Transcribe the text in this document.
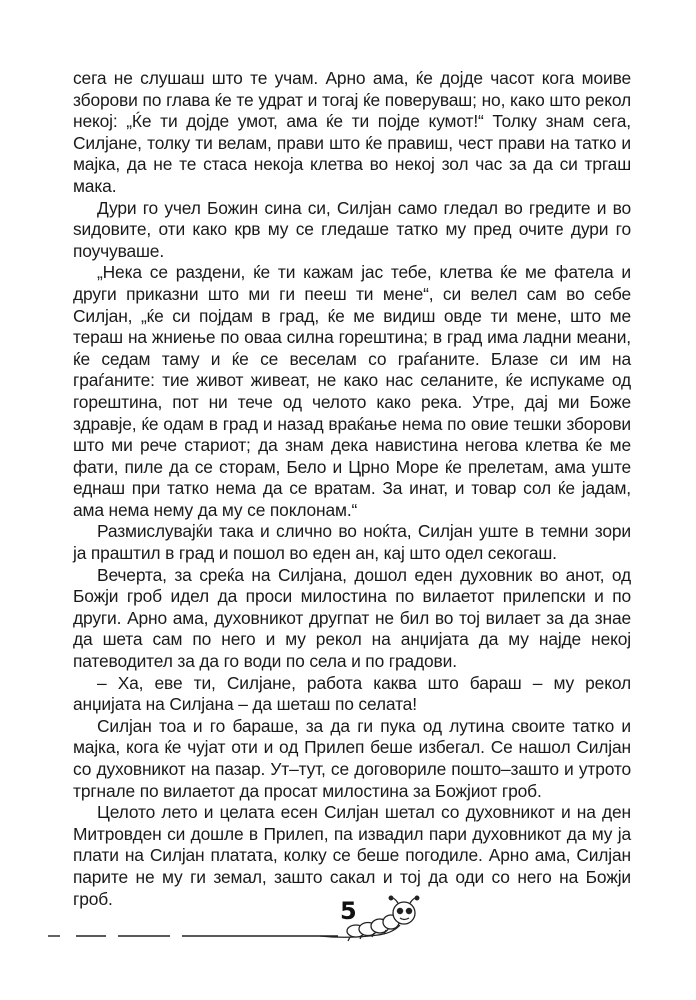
сега не слушаш што те учам. Арно ама, ќе дојде часот кога моиве зборови по глава ќе те удрат и тогај ќе поверуваш; но, како што рекол некој: „Ќе ти дојде умот, ама ќе ти појде кумот!“ Толку знам сега, Силјане, толку ти велам, прави што ќе правиш, чест прави на татко и мајка, да не те стаса некоја клетва во некој зол час за да си тргаш мака.

Дури го учел Божин сина си, Силјан само гледал во гредите и во ѕидовите, оти како крв му се гледаше татко му пред очите дури го поучуваше.

„Нека се раздени, ќе ти кажам јас тебе, клетва ќе ме фатела и други приказни што ми ги пееш ти мене“, си велел сам во себе Силјан, „ќе си појдам в град, ќе ме видиш овде ти мене, што ме тераш на жниење по оваа силна горештина; в град има ладни меани, ќе седам таму и ќе се веселам со граѓаните. Блазе си им на граѓаните: тие живот живеат, не како нас селаните, ќе испукаме од горештина, пот ни тече од челото како река. Утре, дај ми Боже здравје, ќе одам в град и назад враќање нема по овие тешки зборови што ми рече стариот; да знам дека навистина негова клетва ќе ме фати, пиле да се сторам, Бело и Црно Море ќе прелетам, ама уште еднаш при татко нема да се вратам. За инат, и товар сол ќе јадам, ама нема нему да му се поклонам.“

Размислувајќи така и слично во ноќта, Силјан уште в темни зори ја праштил в град и пошол во еден ан, кај што одел секогаш.

Вечерта, за среќа на Силјана, дошол еден духовник во анот, од Божји гроб идел да проси милостина по вилаетот прилепски и по други. Арно ама, духовникот другпат не бил во тој вилает за да знае да шета сам по него и му рекол на анџијата да му најде некој патеводител за да го води по села и по градови.

– Ха, еве ти, Силјане, работа каква што бараш – му рекол анџијата на Силјана – да шеташ по селата!

Силјан тоа и го бараше, за да ги пука од лутина своите татко и мајка, кога ќе чујат оти и од Прилеп беше избегал. Се нашол Силјан со духовникот на пазар. Ут–тут, се договориле пошто–зашто и утрото тргнале по вилаетот да просат милостина за Божјиот гроб.

Целото лето и целата есен Силјан шетал со духовникот и на ден Митровден си дошле в Прилеп, па извадил пари духовникот да му ја плати на Силјан платата, колку се беше погодиле. Арно ама, Силјан парите не му ги земал, зашто сакал и тој да оди со него на Божји гроб.	5
